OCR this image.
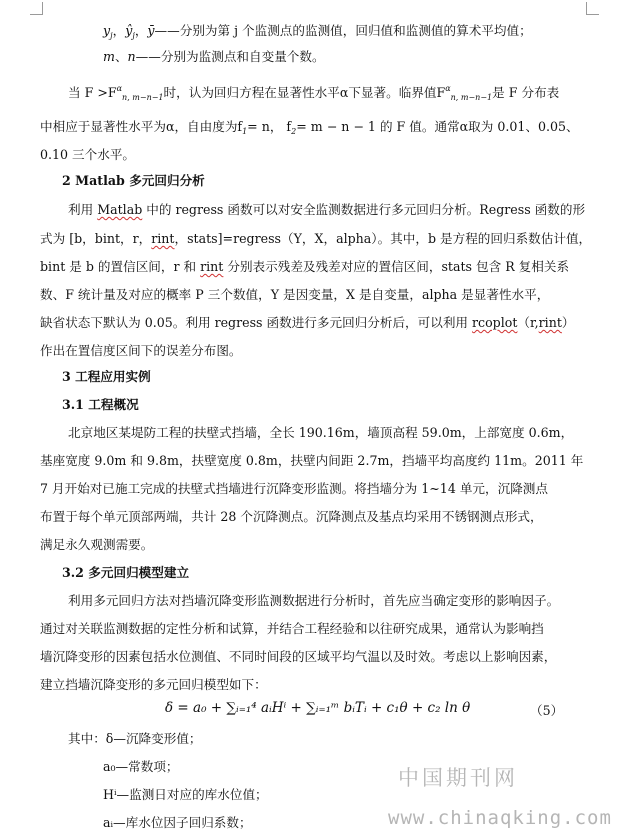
$y_j$，$ŷ_j$，ȳ——分别为第 j 个监测点的监测值，回归值和监测值的算术平均值；
m、n——分别为监测点和自变量个数。
当 $F >F^\alpha_{n, m-n-1}$时，认为回归方程在显著性水平α下显著。临界值$F^\alpha_{n, m-n-1}$是 F 分布表
中相应于显著性水平为α，自由度为$f_1= n$， $f_2= m - n - 1$ 的 F 值。通常α取为 0.01、0.05、
0.10 三个水平。
2 Matlab 多元回归分析
利用 Matlab 中的 regress 函数可以对安全监测数据进行多元回归分析。Regress 函数的形
式为 [b，bint，r，rint，stats]=regress（Y，X，alpha）。其中，b 是方程的回归系数估计值，
bint 是 b 的置信区间，r 和 rint 分别表示残差及残差对应的置信区间，stats 包含 R 复相关系
数、F 统计量及对应的概率 P 三个数值，Y 是因变量，X 是自变量，alpha 是显著性水平，
缺省状态下默认为 0.05。利用 regress 函数进行多元回归分析后，可以利用 rcoplot（r,rint）
作出在置信度区间下的误差分布图。
3 工程应用实例
3.1 工程概况
北京地区某堤防工程的扶壁式挡墙，全长 190.16m，墙顶高程 59.0m，上部宽度 0.6m，
基座宽度 9.0m 和 9.8m，扶壁宽度 0.8m，扶壁内间距 2.7m，挡墙平均高度约 11m。2011 年
7 月开始对已施工完成的扶壁式挡墙进行沉降变形监测。将挡墙分为 1~14 单元，沉降测点
布置于每个单元顶部两端，共计 28 个沉降测点。沉降测点及基点均采用不锈钢测点形式，
满足永久观测需要。
3.2 多元回归模型建立
利用多元回归方法对挡墙沉降变形监测数据进行分析时，首先应当确定变形的影响因子。
通过对关联监测数据的定性分析和试算，并结合工程经验和以往研究成果，通常认为影响挡
墙沉降变形的因素包括水位测值、不同时间段的区域平均气温以及时效。考虑以上影响因素，
建立挡墙沉降变形的多元回归模型如下：
δ = a₀ + ∑ᵢ₌₁⁴ aᵢHⁱ + ∑ᵢ₌₁ᵐ bᵢTᵢ + c₁θ + c₂ ln θ	（5）
其中：δ—沉降变形值；
a₀—常数项；
Hⁱ—监测日对应的库水位值；
aᵢ—库水位因子回归系数；
中国期刊网
www.chinaqking.com
